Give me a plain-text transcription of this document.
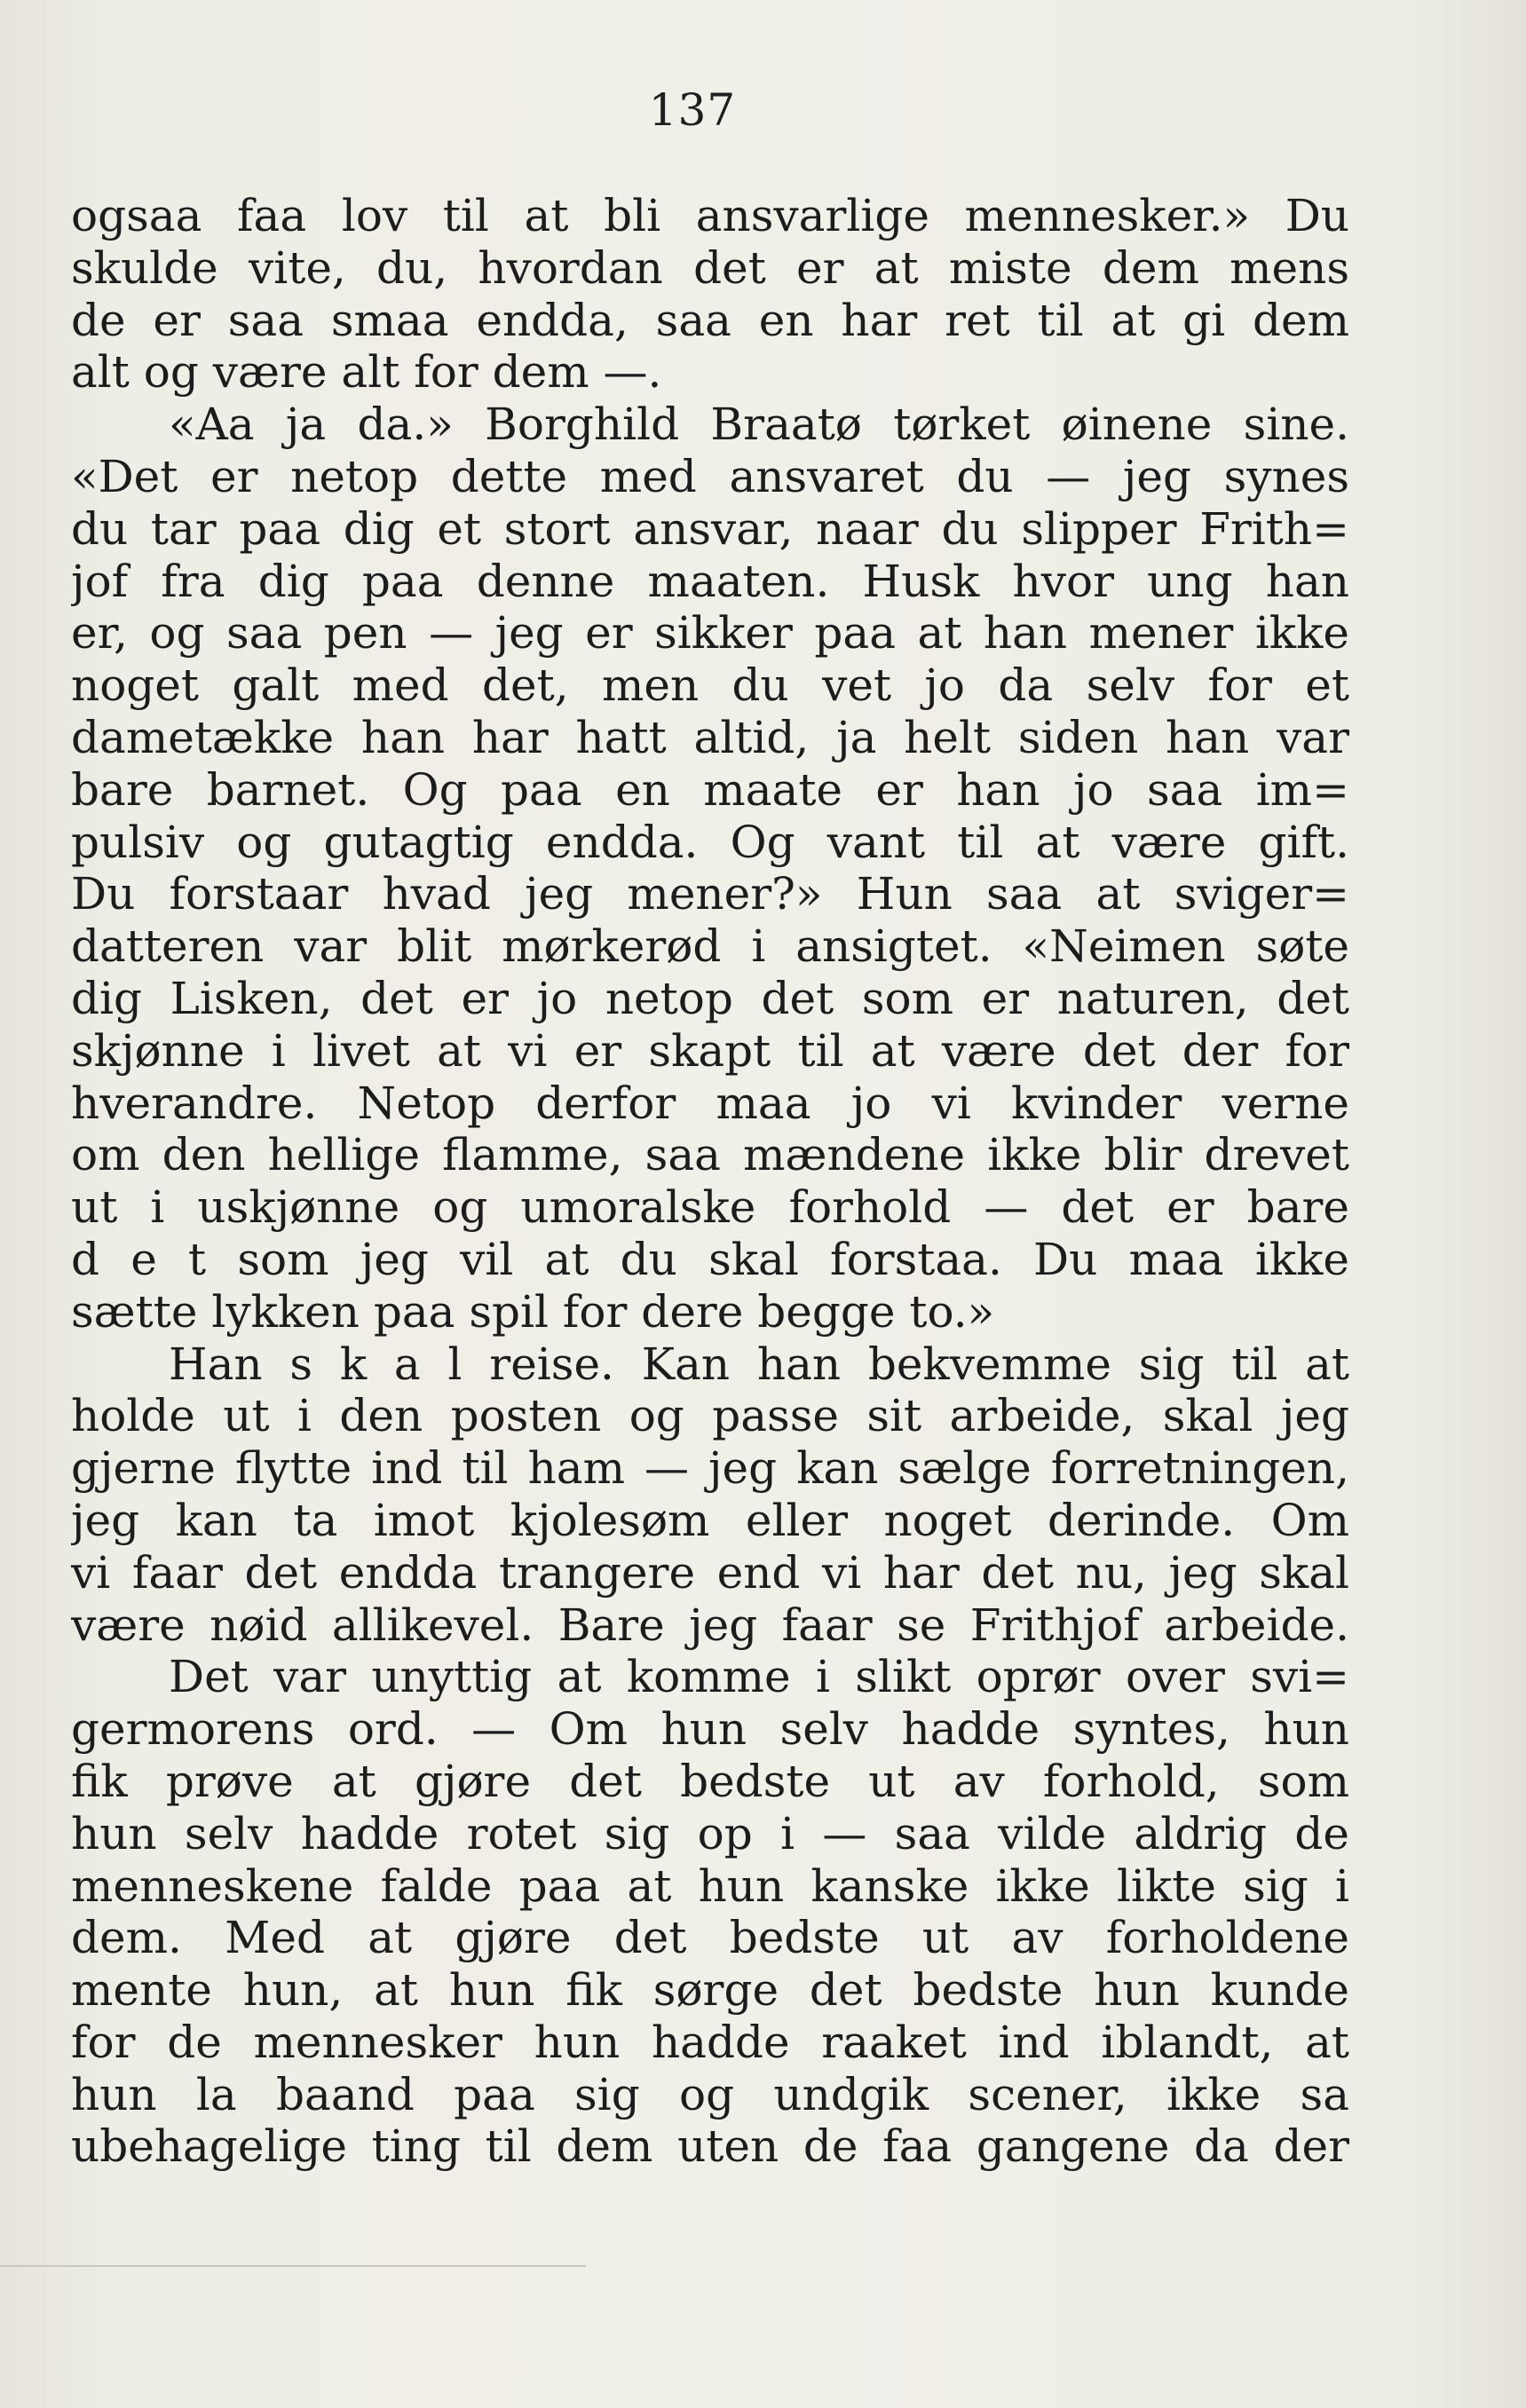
137
ogsaa faa lov til at bli ansvarlige mennesker.» Du
skulde vite, du, hvordan det er at miste dem mens
de er saa smaa endda, saa en har ret til at gi dem
alt og være alt for dem —.
«Aa ja da.» Borghild Braatø tørket øinene sine.
«Det er netop dette med ansvaret du — jeg synes
du tar paa dig et stort ansvar, naar du slipper Frith=
jof fra dig paa denne maaten. Husk hvor ung han
er, og saa pen — jeg er sikker paa at han mener ikke
noget galt med det, men du vet jo da selv for et
dametække han har hatt altid, ja helt siden han var
bare barnet. Og paa en maate er han jo saa im=
pulsiv og gutagtig endda. Og vant til at være gift.
Du forstaar hvad jeg mener?» Hun saa at sviger=
datteren var blit mørkerød i ansigtet. «Neimen søte
dig Lisken, det er jo netop det som er naturen, det
skjønne i livet at vi er skapt til at være det der for
hverandre. Netop derfor maa jo vi kvinder verne
om den hellige flamme, saa mændene ikke blir drevet
ut i uskjønne og umoralske forhold — det er bare
d e t som jeg vil at du skal forstaa. Du maa ikke
sætte lykken paa spil for dere begge to.»
Han s k a l reise. Kan han bekvemme sig til at
holde ut i den posten og passe sit arbeide, skal jeg
gjerne flytte ind til ham — jeg kan sælge forretningen,
jeg kan ta imot kjolesøm eller noget derinde. Om
vi faar det endda trangere end vi har det nu, jeg skal
være nøid allikevel. Bare jeg faar se Frithjof arbeide.
Det var unyttig at komme i slikt oprør over svi=
germorens ord. — Om hun selv hadde syntes, hun
fik prøve at gjøre det bedste ut av forhold, som
hun selv hadde rotet sig op i — saa vilde aldrig de
menneskene falde paa at hun kanske ikke likte sig i
dem. Med at gjøre det bedste ut av forholdene
mente hun, at hun fik sørge det bedste hun kunde
for de mennesker hun hadde raaket ind iblandt, at
hun la baand paa sig og undgik scener, ikke sa
ubehagelige ting til dem uten de faa gangene da der
